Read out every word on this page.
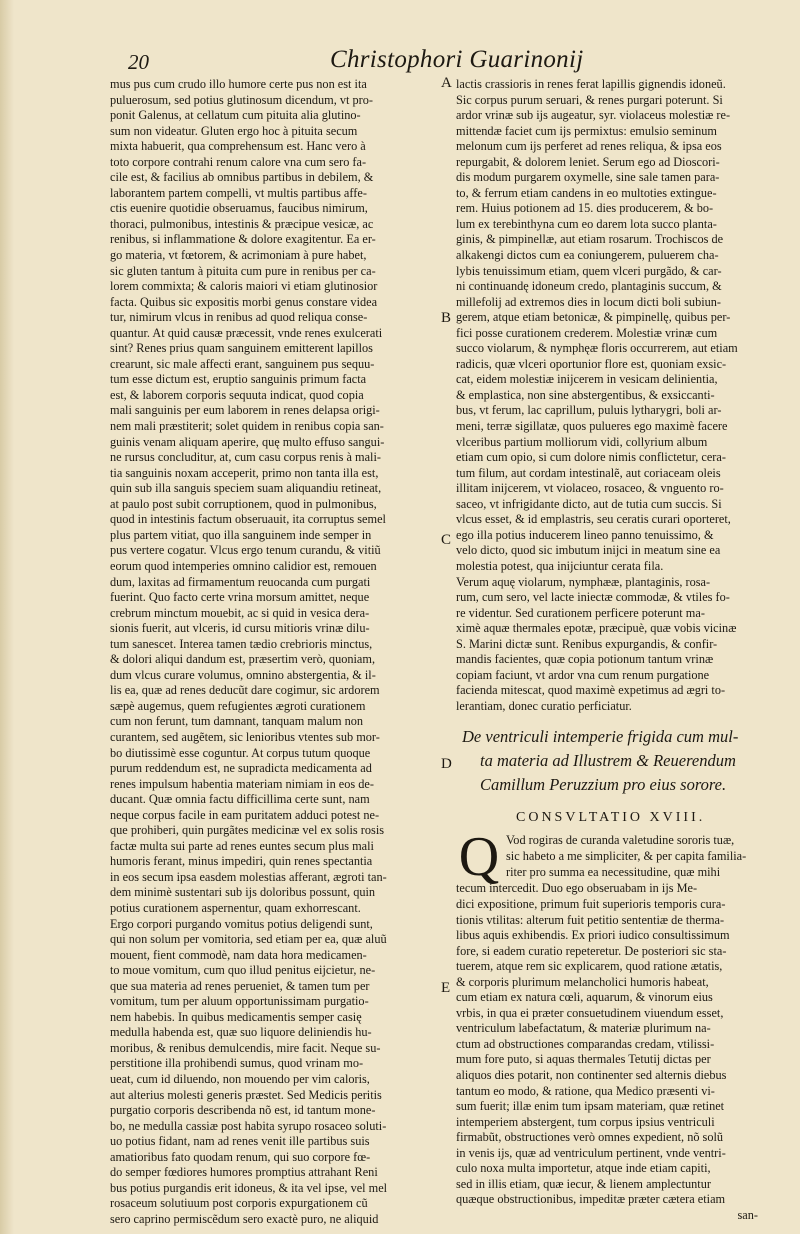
20	Christophori Guarinonij
A
B
C
D
E
mus pus cum crudo illo humore certe pus non est ita
puluerosum, sed potius glutinosum dicendum, vt pro-
ponit Galenus, at cellatum cum pituita alia glutino-
sum non videatur. Gluten ergo hoc à pituita secum
mixta habuerit, qua comprehensum est. Hanc vero à
toto corpore contrahi renum calore vna cum sero fa-
cile est, & facilius ab omnibus partibus in debilem, &
laborantem partem compelli, vt multis partibus affe-
ctis euenire quotidie obseruamus, faucibus nimirum,
thoraci, pulmonibus, intestinis & præcipue vesicæ, ac
renibus, si inflammatione & dolore exagitentur. Ea er-
go materia, vt fœtorem, & acrimoniam à pure habet,
sic gluten tantum à pituita cum pure in renibus per ca-
lorem commixta; & caloris maiori vi etiam glutinosior
facta. Quibus sic expositis morbi genus constare videa
tur, nimirum vlcus in renibus ad quod reliqua conse-
quantur. At quid causæ præcessit, vnde renes exulcerati
sint? Renes prius quam sanguinem emitterent lapillos
crearunt, sic male affecti erant, sanguinem pus sequu-
tum esse dictum est, eruptio sanguinis primum facta
est, & laborem corporis sequuta indicat, quod copia
mali sanguinis per eum laborem in renes delapsa origi-
nem mali præstiterit; solet quidem in renibus copia san-
guinis venam aliquam aperire, quę multo effuso sangui-
ne rursus concluditur, at, cum casu corpus renis à mali-
tia sanguinis noxam acceperit, primo non tanta illa est,
quin sub illa sanguis speciem suam aliquandiu retineat,
at paulo post subit corruptionem, quod in pulmonibus,
quod in intestinis factum obseruauit, ita corruptus semel
plus partem vitiat, quo illa sanguinem inde semper in
pus vertere cogatur. Vlcus ergo tenum curandu, & vitiũ
eorum quod intemperies omnino calidior est, remouen
dum, laxitas ad firmamentum reuocanda cum purgati
fuerint. Quo facto certe vrina morsum amittet, neque
crebrum minctum mouebit, ac si quid in vesica dera-
sionis fuerit, aut vlceris, id cursu mitioris vrinæ dilu-
tum sanescet. Interea tamen tædio crebrioris minctus,
& dolori aliqui dandum est, præsertim verò, quoniam,
dum vlcus curare volumus, omnino abstergentia, & il-
lis ea, quæ ad renes deducũt dare cogimur, sic ardorem
sæpè augemus, quem refugientes ægroti curationem
cum non ferunt, tum damnant, tanquam malum non
curantem, sed augẽtem, sic lenioribus vtentes sub mor-
bo diutissimè esse coguntur. At corpus tutum quoque
purum reddendum est, ne supradicta medicamenta ad
renes impulsum habentia materiam nimiam in eos de-
ducant. Quæ omnia factu difficillima certe sunt, nam
neque corpus facile in eam puritatem adduci potest ne-
que prohiberi, quin purgãtes medicinæ vel ex solis rosis
factæ multa sui parte ad renes euntes secum plus mali
humoris ferant, minus impediri, quin renes spectantia
in eos secum ipsa easdem molestias afferant, ægroti tan-
dem minimè sustentari sub ijs doloribus possunt, quin
potius curationem aspernentur, quam exhorrescant.
Ergo corpori purgando vomitus potius deligendi sunt,
qui non solum per vomitoria, sed etiam per ea, quæ aluũ
mouent, fient commodè, nam data hora medicamen-
to moue vomitum, cum quo illud penitus eijcietur, ne-
que sua materia ad renes perueniet, & tamen tum per
vomitum, tum per aluum opportunissimam purgatio-
nem habebis. In quibus medicamentis semper casię
medulla habenda est, quæ suo liquore deliniendis hu-
moribus, & renibus demulcendis, mire facit. Neque su-
perstitione illa prohibendi sumus, quod vrinam mo-
ueat, cum id diluendo, non mouendo per vim caloris,
aut alterius molesti generis præstet. Sed Medicis peritis
purgatio corporis describenda nõ est, id tantum mone-
bo, ne medulla cassiæ post habita syrupo rosaceo soluti-
uo potius fidant, nam ad renes venit ille partibus suis
amatioribus fato quodam renum, qui suo corpore fœ-
do semper fœdiores humores promptius attrahant Reni
bus potius purgandis erit idoneus, & ita vel ipse, vel mel
rosaceum solutiuum post corporis expurgationem cũ
sero caprino permiscẽdum sero exactè puro, ne aliquid
lactis crassioris in renes ferat lapillis gignendis idoneũ.
Sic corpus purum seruari, & renes purgari poterunt. Si
ardor vrinæ sub ijs augeatur, syr. violaceus molestiæ re-
mittendæ faciet cum ijs permixtus: emulsio seminum
melonum cum ijs perferet ad renes reliqua, & ipsa eos
repurgabit, & dolorem leniet. Serum ego ad Dioscori-
dis modum purgarem oxymelle, sine sale tamen para-
to, & ferrum etiam candens in eo multoties extingue-
rem. Huius potionem ad 15. dies producerem, & bo-
lum ex terebinthyna cum eo darem lota succo planta-
ginis, & pimpinellæ, aut etiam rosarum. Trochiscos de
alkakengi dictos cum ea coniungerem, puluerem cha-
lybis tenuissimum etiam, quem vlceri purgãdo, & car-
ni continuandę idoneum credo, plantaginis succum, &
millefolij ad extremos dies in locum dicti boli subiun-
gerem, atque etiam betonicæ, & pimpinellę, quibus per-
fici posse curationem crederem. Molestiæ vrinæ cum
succo violarum, & nymphęæ floris occurrerem, aut etiam
radicis, quæ vlceri oportunior flore est, quoniam exsic-
cat, eidem molestiæ inijcerem in vesicam delinientia,
& emplastica, non sine abstergentibus, & exsiccanti-
bus, vt ferum, lac caprillum, puluis lytharygri, boli ar-
meni, terræ sigillatæ, quos pulueres ego maximè facere
vlceribus partium molliorum vidi, collyrium album
etiam cum opio, si cum dolore nimis conflictetur, cera-
tum filum, aut cordam intestinalẽ, aut coriaceam oleis
illitam inijcerem, vt violaceo, rosaceo, & vnguento ro-
saceo, vt infrigidante dicto, aut de tutia cum succis. Si
vlcus esset, & id emplastris, seu ceratis curari oporteret,
ego illa potius inducerem lineo panno tenuissimo, &
velo dicto, quod sic imbutum inijci in meatum sine ea
molestia potest, qua inijciuntur cerata fila.
Verum aquę violarum, nymphææ, plantaginis, rosa-
rum, cum sero, vel lacte iniectæ commodæ, & vtiles fo-
re videntur. Sed curationem perficere poterunt ma-
ximè aquæ thermales epotæ, præcipuè, quæ vobis vicinæ
S. Marini dictæ sunt. Renibus expurgandis, & confir-
mandis facientes, quæ copia potionum tantum vrinæ
copiam faciunt, vt ardor vna cum renum purgatione
facienda mitescat, quod maximè expetimus ad ægri to-
lerantiam, donec curatio perficiatur.
De ventriculi intemperie frigida cum mul-
ta materia ad Illustrem & Reuerendum
Camillum Peruzzium pro eius sorore.
CONSVLTATIO XVIII.
Q Vod rogiras de curanda valetudine sororis tuæ,
sic habeto a me simpliciter, & per capita familia-
riter pro summa ea necessitudine, quæ mihi
tecum intercedit. Duo ego obseruabam in ijs Me-
dici expositione, primum fuit superioris temporis cura-
tionis vtilitas: alterum fuit petitio sententiæ de therma-
libus aquis exhibendis. Ex priori iudico consultissimum
fore, si eadem curatio repeteretur. De posteriori sic sta-
tuerem, atque rem sic explicarem, quod ratione ætatis,
& corporis plurimum melancholici humoris habeat,
cum etiam ex natura cœli, aquarum, & vinorum eius
vrbis, in qua ei præter consuetudinem viuendum esset,
ventriculum labefactatum, & materiæ plurimum na-
ctum ad obstructiones comparandas credam, vtilissi-
mum fore puto, si aquas thermales Tetutij dictas per
aliquos dies potarit, non continenter sed alternis diebus
tantum eo modo, & ratione, qua Medico præsenti vi-
sum fuerit; illæ enim tum ipsam materiam, quæ retinet
intemperiem abstergent, tum corpus ipsius ventriculi
firmabũt, obstructiones verò omnes expedient, nõ solũ
in venis ijs, quæ ad ventriculum pertinent, vnde ventri-
culo noxa multa importetur, atque inde etiam capiti,
sed in illis etiam, quæ iecur, & lienem amplectuntur
quæque obstructionibus, impeditæ præter cætera etiam
san-
